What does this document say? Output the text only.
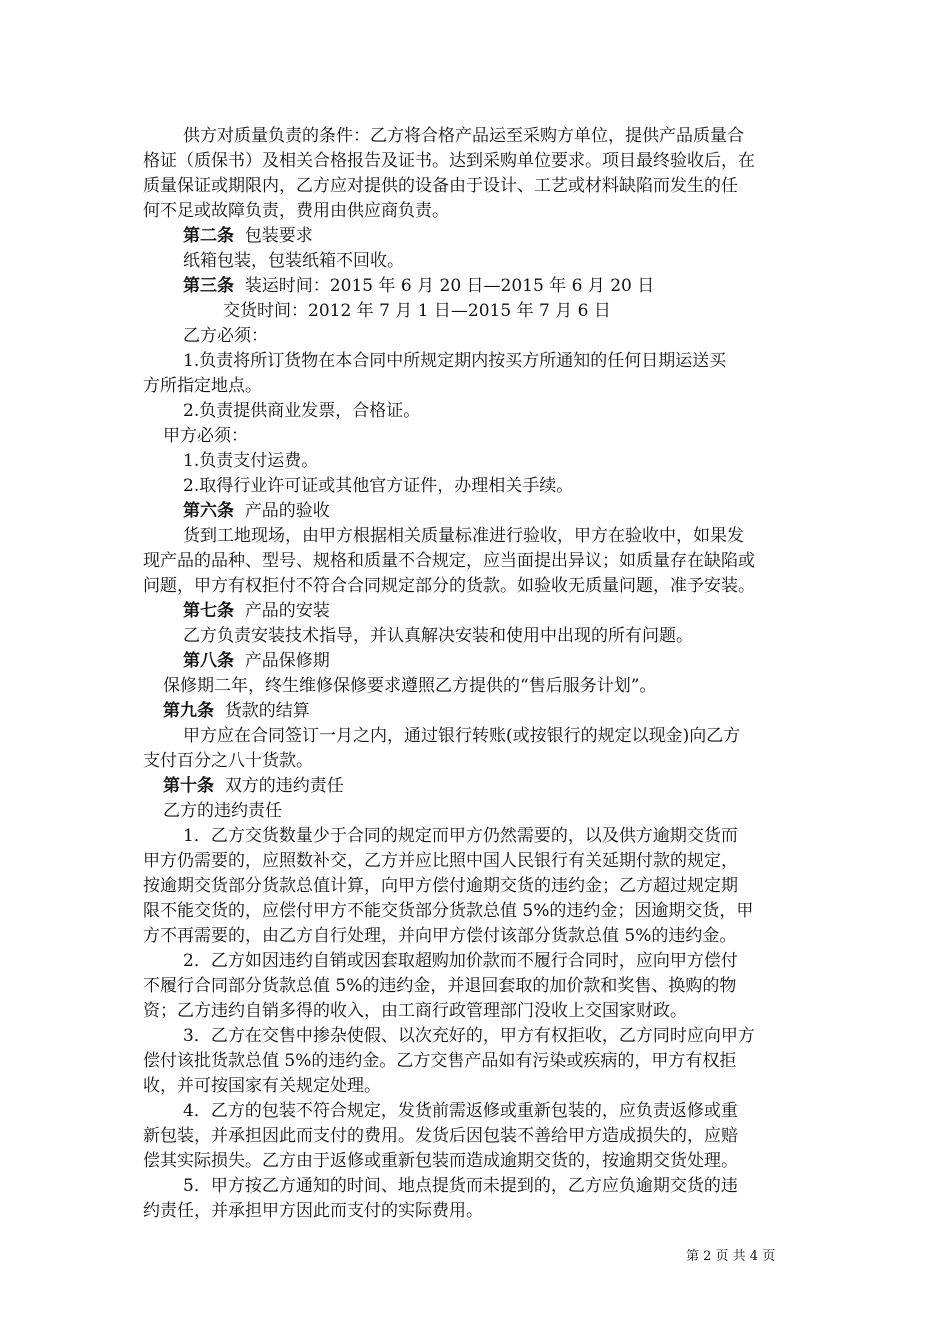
供方对质量负责的条件：乙方将合格产品运至采购方单位，提供产品质量合
格证（质保书）及相关合格报告及证书。达到采购单位要求。项目最终验收后，在
质量保证或期限内，乙方应对提供的设备由于设计、工艺或材料缺陷而发生的任
何不足或故障负责，费用由供应商负责。
第二条 包装要求
纸箱包装，包装纸箱不回收。
第三条 装运时间：2015 年 6 月 20 日—2015 年 6 月 20 日
交货时间：2012 年 7 月 1 日—2015 年 7 月 6 日
乙方必须：
1.负责将所订货物在本合同中所规定期内按买方所通知的任何日期运送买
方所指定地点。
2.负责提供商业发票，合格证。
甲方必须：
1.负责支付运费。
2.取得行业许可证或其他官方证件，办理相关手续。
第六条 产品的验收
货到工地现场，由甲方根据相关质量标准进行验收，甲方在验收中，如果发
现产品的品种、型号、规格和质量不合规定，应当面提出异议；如质量存在缺陷或
问题，甲方有权拒付不符合合同规定部分的货款。如验收无质量问题，准予安装。
第七条 产品的安装
乙方负责安装技术指导，并认真解决安装和使用中出现的所有问题。
第八条 产品保修期
保修期二年，终生维修保修要求遵照乙方提供的“售后服务计划”。
第九条 货款的结算
甲方应在合同签订一月之内，通过银行转账(或按银行的规定以现金)向乙方
支付百分之八十货款。
第十条 双方的违约责任
乙方的违约责任
1．乙方交货数量少于合同的规定而甲方仍然需要的，以及供方逾期交货而
甲方仍需要的，应照数补交，乙方并应比照中国人民银行有关延期付款的规定，
按逾期交货部分货款总值计算，向甲方偿付逾期交货的违约金；乙方超过规定期
限不能交货的，应偿付甲方不能交货部分货款总值 5%的违约金；因逾期交货，甲
方不再需要的，由乙方自行处理，并向甲方偿付该部分货款总值 5%的违约金。
2．乙方如因违约自销或因套取超购加价款而不履行合同时，应向甲方偿付
不履行合同部分货款总值 5%的违约金，并退回套取的加价款和奖售、换购的物
资；乙方违约自销多得的收入，由工商行政管理部门没收上交国家财政。
3．乙方在交售中掺杂使假、以次充好的，甲方有权拒收，乙方同时应向甲方
偿付该批货款总值 5%的违约金。乙方交售产品如有污染或疾病的，甲方有权拒
收，并可按国家有关规定处理。
4．乙方的包装不符合规定，发货前需返修或重新包装的，应负责返修或重
新包装，并承担因此而支付的费用。发货后因包装不善给甲方造成损失的，应赔
偿其实际损失。乙方由于返修或重新包装而造成逾期交货的，按逾期交货处理。
5．甲方按乙方通知的时间、地点提货而未提到的，乙方应负逾期交货的违
约责任，并承担甲方因此而支付的实际费用。
第 2 页 共 4 页
